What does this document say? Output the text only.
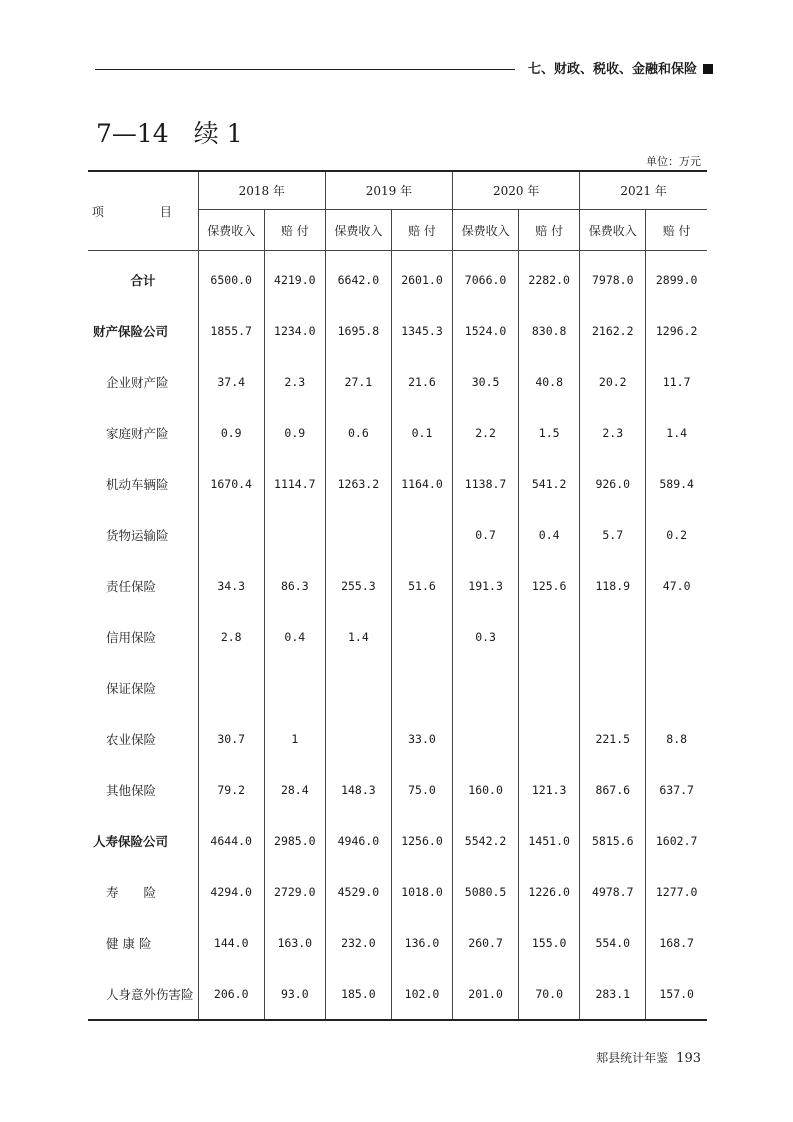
七、财政、税收、金融和保险
7—14　续 1
单位：万元
项　目	2018 年		2019 年		2020 年		2021 年	
	保费收入	赔 付	保费收入	赔 付	保费收入	赔 付	保费收入	赔 付
合计	6500.0	4219.0	6642.0	2601.0	7066.0	2282.0	7978.0	2899.0
财产保险公司	1855.7	1234.0	1695.8	1345.3	1524.0	830.8	2162.2	1296.2
企业财产险	37.4	2.3	27.1	21.6	30.5	40.8	20.2	11.7
家庭财产险	0.9	0.9	0.6	0.1	2.2	1.5	2.3	1.4
机动车辆险	1670.4	1114.7	1263.2	1164.0	1138.7	541.2	926.0	589.4
货物运输险					0.7	0.4	5.7	0.2
责任保险	34.3	86.3	255.3	51.6	191.3	125.6	118.9	47.0
信用保险	2.8	0.4	1.4		0.3			
保证保险								
农业保险	30.7	1		33.0			221.5	8.8
其他保险	79.2	28.4	148.3	75.0	160.0	121.3	867.6	637.7
人寿保险公司	4644.0	2985.0	4946.0	1256.0	5542.2	1451.0	5815.6	1602.7
寿　　险	4294.0	2729.0	4529.0	1018.0	5080.5	1226.0	4978.7	1277.0
健 康 险	144.0	163.0	232.0	136.0	260.7	155.0	554.0	168.7
人身意外伤害险	206.0	93.0	185.0	102.0	201.0	70.0	283.1	157.0
郏县统计年鉴 193
